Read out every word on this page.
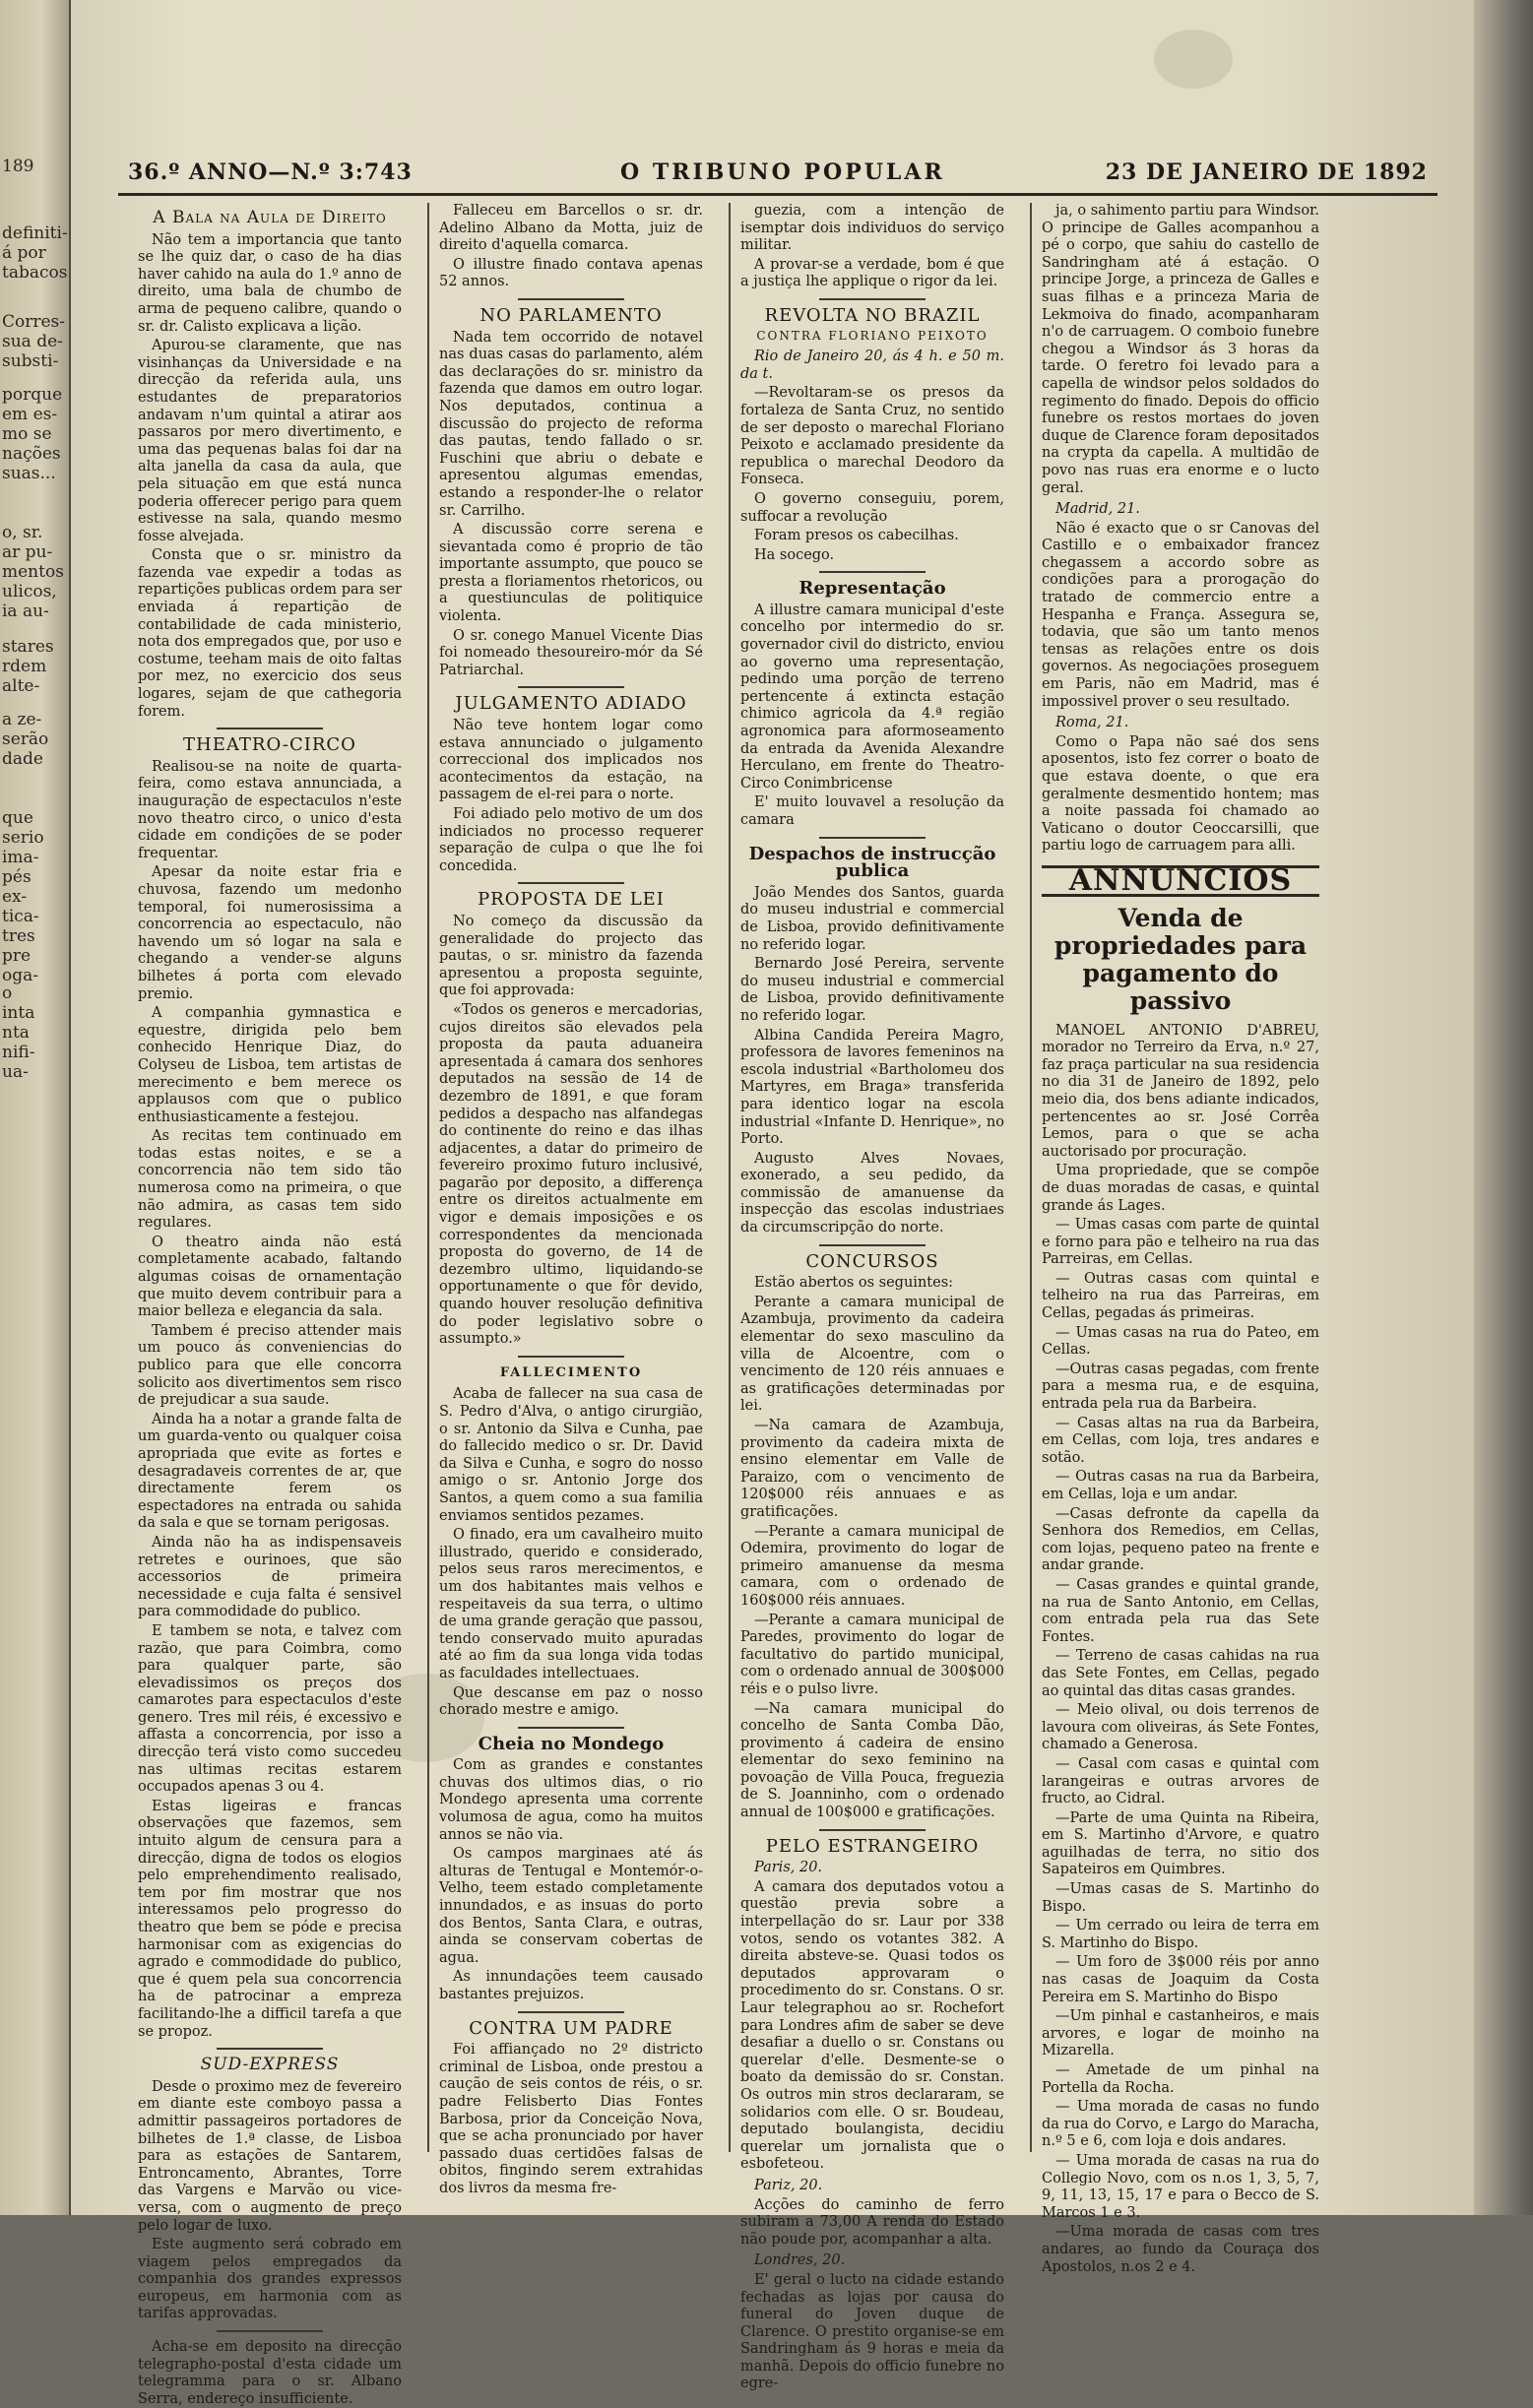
189
definiti-
á por
tabacos
Corres-
sua de-
substi-
porque
em es-
mo se
nações
suas...
o, sr.
ar pu-
mentos
ulicos,
ia au-
stares
rdem
alte-
a ze-
serão
dade
que
serio
ima-
pés
ex-
tica-
tres
pre
oga-
o
inta
nta
nifi-
ua-
36.º ANNO—N.º 3:743	O TRIBUNO POPULAR	23 DE JANEIRO DE 1892
A Bala na Aula de Direito

Não tem a importancia que tanto se lhe quiz dar, o caso de ha dias haver cahido na aula do 1.º anno de direito, uma bala de chumbo de arma de pequeno calibre, quando o sr. dr. Calisto explicava a lição.

Apurou-se claramente, que nas visinhanças da Universidade e na direcção da referida aula, uns estudantes de preparatorios andavam n'um quintal a atirar aos passaros por mero divertimento, e uma das pequenas balas foi dar na alta janella da casa da aula, que pela situação em que está nunca poderia offerecer perigo para quem estivesse na sala, quando mesmo fosse alvejada.

Consta que o sr. ministro da fazenda vae expedir a todas as repartições publicas ordem para ser enviada á repartição de contabilidade de cada ministerio, nota dos empregados que, por uso e costume, teeham mais de oito faltas por mez, no exercicio dos seus logares, sejam de que cathegoria forem.

THEATRO-CIRCO

Realisou-se na noite de quarta-feira, como estava annunciada, a inauguração de espectaculos n'este novo theatro circo, o unico d'esta cidade em condições de se poder frequentar.

Apesar da noite estar fria e chuvosa, fazendo um medonho temporal, foi numerosissima a concorrencia ao espectaculo, não havendo um só logar na sala e chegando a vender-se alguns bilhetes á porta com elevado premio.

A companhia gymnastica e equestre, dirigida pelo bem conhecido Henrique Diaz, do Colyseu de Lisboa, tem artistas de merecimento e bem merece os applausos com que o publico enthusiasticamente a festejou.

As recitas tem continuado em todas estas noites, e se a concorrencia não tem sido tão numerosa como na primeira, o que não admira, as casas tem sido regulares.

O theatro ainda não está completamente acabado, faltando algumas coisas de ornamentação que muito devem contribuir para a maior belleza e elegancia da sala.

Tambem é preciso attender mais um pouco ás conveniencias do publico para que elle concorra solicito aos divertimentos sem risco de prejudicar a sua saude.

Ainda ha a notar a grande falta de um guarda-vento ou qualquer coisa apropriada que evite as fortes e desagradaveis correntes de ar, que directamente ferem os espectadores na entrada ou sahida da sala e que se tornam perigosas.

Ainda não ha as indispensaveis retretes e ourinoes, que são accessorios de primeira necessidade e cuja falta é sensivel para commodidade do publico.

E tambem se nota, e talvez com razão, que para Coimbra, como para qualquer parte, são elevadissimos os preços dos camarotes para espectaculos d'este genero. Tres mil réis, é excessivo e affasta a concorrencia, por isso a direcção terá visto como succedeu nas ultimas recitas estarem occupados apenas 3 ou 4.

Estas ligeiras e francas observações que fazemos, sem intuito algum de censura para a direcção, digna de todos os elogios pelo emprehendimento realisado, tem por fim mostrar que nos interessamos pelo progresso do theatro que bem se póde e precisa harmonisar com as exigencias do agrado e commodidade do publico, que é quem pela sua concorrencia ha de patrocinar a empreza facilitando-lhe a difficil tarefa a que se propoz.

SUD-EXPRESS

Desde o proximo mez de fevereiro em diante este comboyo passa a admittir passageiros portadores de bilhetes de 1.ª classe, de Lisboa para as estações de Santarem, Entroncamento, Abrantes, Torre das Vargens e Marvão ou vice-versa, com o augmento de preço pelo logar de luxo.

Este augmento será cobrado em viagem pelos empregados da companhia dos grandes expressos europeus, em harmonia com as tarifas approvadas.

Acha-se em deposito na direcção telegrapho-postal d'esta cidade um telegramma para o sr. Albano Serra, endereço insufficiente.

Falleceu em Barcellos o sr. dr. Adelino Albano da Motta, juiz de direito d'aquella comarca.

O illustre finado contava apenas 52 annos.

NO PARLAMENTO

Nada tem occorrido de notavel nas duas casas do parlamento, além das declarações do sr. ministro da fazenda que damos em outro logar. Nos deputados, continua a discussão do projecto de reforma das pautas, tendo fallado o sr. Fuschini que abriu o debate e apresentou algumas emendas, estando a responder-lhe o relator sr. Carrilho.

A discussão corre serena e sievantada como é proprio de tão importante assumpto, que pouco se presta a floriamentos rhetoricos, ou a questiunculas de politiquice violenta.

O sr. conego Manuel Vicente Dias foi nomeado thesoureiro-mór da Sé Patriarchal.

JULGAMENTO ADIADO

Não teve hontem logar como estava annunciado o julgamento correccional dos implicados nos acontecimentos da estação, na passagem de el-rei para o norte.

Foi adiado pelo motivo de um dos indiciados no processo requerer separação de culpa o que lhe foi concedida.

PROPOSTA DE LEI

No começo da discussão da generalidade do projecto das pautas, o sr. ministro da fazenda apresentou a proposta seguinte, que foi approvada:

«Todos os generos e mercadorias, cujos direitos são elevados pela proposta da pauta aduaneira apresentada á camara dos senhores deputados na sessão de 14 de dezembro de 1891, e que foram pedidos a despacho nas alfandegas do continente do reino e das ilhas adjacentes, a datar do primeiro de fevereiro proximo futuro inclusivé, pagarão por deposito, a differença entre os direitos actualmente em vigor e demais imposições e os correspondentes da mencionada proposta do governo, de 14 de dezembro ultimo, liquidando-se opportunamente o que fôr devido, quando houver resolução definitiva do poder legislativo sobre o assumpto.»

FALLECIMENTO

Acaba de fallecer na sua casa de S. Pedro d'Alva, o antigo cirurgião, o sr. Antonio da Silva e Cunha, pae do fallecido medico o sr. Dr. David da Silva e Cunha, e sogro do nosso amigo o sr. Antonio Jorge dos Santos, a quem como a sua familia enviamos sentidos pezames.

O finado, era um cavalheiro muito illustrado, querido e considerado, pelos seus raros merecimentos, e um dos habitantes mais velhos e respeitaveis da sua terra, o ultimo de uma grande geração que passou, tendo conservado muito apuradas até ao fim da sua longa vida todas as faculdades intellectuaes.

Que descanse em paz o nosso chorado mestre e amigo.

Cheia no Mondego

Com as grandes e constantes chuvas dos ultimos dias, o rio Mondego apresenta uma corrente volumosa de agua, como ha muitos annos se não via.

Os campos marginaes até ás alturas de Tentugal e Montemór-o-Velho, teem estado completamente innundados, e as insuas do porto dos Bentos, Santa Clara, e outras, ainda se conservam cobertas de agua.

As innundações teem causado bastantes prejuizos.

CONTRA UM PADRE

Foi affiançado no 2º districto criminal de Lisboa, onde prestou a caução de seis contos de réis, o sr. padre Felisberto Dias Fontes Barbosa, prior da Conceição Nova, que se acha pronunciado por haver passado duas certidões falsas de obitos, fingindo serem extrahidas dos livros da mesma fre-

guezia, com a intenção de isemptar dois individuos do serviço militar.

A provar-se a verdade, bom é que a justiça lhe applique o rigor da lei.

REVOLTA NO BRAZIL
CONTRA FLORIANO PEIXOTO
Rio de Janeiro 20, ás 4 h. e 50 m. da t.

—Revoltaram-se os presos da fortaleza de Santa Cruz, no sentido de ser deposto o marechal Floriano Peixoto e acclamado presidente da republica o marechal Deodoro da Fonseca.

O governo conseguiu, porem, suffocar a revolução

Foram presos os cabecilhas.

Ha socego.

Representação

A illustre camara municipal d'este concelho por intermedio do sr. governador civil do districto, enviou ao governo uma representação, pedindo uma porção de terreno pertencente á extincta estação chimico agricola da 4.ª região agronomica para aformoseamento da entrada da Avenida Alexandre Herculano, em frente do Theatro-Circo Conimbricense

E' muito louvavel a resolução da camara

Despachos de instrucção publica

João Mendes dos Santos, guarda do museu industrial e commercial de Lisboa, provido definitivamente no referido logar.

Bernardo José Pereira, servente do museu industrial e commercial de Lisboa, provido definitivamente no referido logar.

Albina Candida Pereira Magro, professora de lavores femeninos na escola industrial «Bartholomeu dos Martyres, em Braga» transferida para identico logar na escola industrial «Infante D. Henrique», no Porto.

Augusto Alves Novaes, exonerado, a seu pedido, da commissão de amanuense da inspecção das escolas industriaes da circumscripção do norte.

CONCURSOS

Estão abertos os seguintes:

Perante a camara municipal de Azambuja, provimento da cadeira elementar do sexo masculino da villa de Alcoentre, com o vencimento de 120 réis annuaes e as gratificações determinadas por lei.

—Na camara de Azambuja, provimento da cadeira mixta de ensino elementar em Valle de Paraizo, com o vencimento de 120$000 réis annuaes e as gratificações.

—Perante a camara municipal de Odemira, provimento do logar de primeiro amanuense da mesma camara, com o ordenado de 160$000 réis annuaes.

—Perante a camara municipal de Paredes, provimento do logar de facultativo do partido municipal, com o ordenado annual de 300$000 réis e o pulso livre.

—Na camara municipal do concelho de Santa Comba Dão, provimento á cadeira de ensino elementar do sexo feminino na povoação de Villa Pouca, freguezia de S. Joanninho, com o ordenado annual de 100$000 e gratificações.

PELO ESTRANGEIRO
Paris, 20.

A camara dos deputados votou a questão previa sobre a interpellação do sr. Laur por 338 votos, sendo os votantes 382. A direita absteve-se. Quasi todos os deputados approvaram o procedimento do sr. Constans. O sr. Laur telegraphou ao sr. Rochefort para Londres afim de saber se deve desafiar a duello o sr. Constans ou querelar d'elle. Desmente-se o boato da demissão do sr. Constan. Os outros min stros declararam, se solidarios com elle. O sr. Boudeau, deputado boulangista, decidiu querelar um jornalista que o esbofeteou.

Pariz, 20.

Acções do caminho de ferro subiram a 73,00 A renda do Estado não poude por, acompanhar a alta.

Londres, 20.

E' geral o lucto na cidade estando fechadas as lojas por causa do funeral do Joven duque de Clarence. O prestito organise-se em Sandringham ás 9 horas e meia da manhã. Depois do officio funebre no egre-

ja, o sahimento partiu para Windsor. O principe de Galles acompanhou a pé o corpo, que sahiu do castello de Sandringham até á estação. O principe Jorge, a princeza de Galles e suas filhas e a princeza Maria de Lekmoiva do finado, acompanharam n'o de carruagem. O comboio funebre chegou a Windsor ás 3 horas da tarde. O feretro foi levado para a capella de windsor pelos soldados do regimento do finado. Depois do officio funebre os restos mortaes do joven duque de Clarence foram depositados na crypta da capella. A multidão de povo nas ruas era enorme e o lucto geral.

Madrid, 21.

Não é exacto que o sr Canovas del Castillo e o embaixador francez chegassem a accordo sobre as condições para a prorogação do tratado de commercio entre a Hespanha e França. Assegura se, todavia, que são um tanto menos tensas as relações entre os dois governos. As negociações proseguem em Paris, não em Madrid, mas é impossivel prover o seu resultado.

Roma, 21.

Como o Papa não saé dos sens aposentos, isto fez correr o boato de que estava doente, o que era geralmente desmentido hontem; mas a noite passada foi chamado ao Vaticano o doutor Ceoccarsilli, que partiu logo de carruagem para alli.

ANNUNCIOS
Venda de propriedades para pagamento do passivo

MANOEL ANTONIO D'ABREU, morador no Terreiro da Erva, n.º 27, faz praça particular na sua residencia no dia 31 de Janeiro de 1892, pelo meio dia, dos bens adiante indicados, pertencentes ao sr. José Corrêa Lemos, para o que se acha auctorisado por procuração.

Uma propriedade, que se compõe de duas moradas de casas, e quintal grande ás Lages.

— Umas casas com parte de quintal e forno para pão e telheiro na rua das Parreiras, em Cellas.

— Outras casas com quintal e telheiro na rua das Parreiras, em Cellas, pegadas ás primeiras.

— Umas casas na rua do Pateo, em Cellas.

—Outras casas pegadas, com frente para a mesma rua, e de esquina, entrada pela rua da Barbeira.

— Casas altas na rua da Barbeira, em Cellas, com loja, tres andares e sotão.

— Outras casas na rua da Barbeira, em Cellas, loja e um andar.

—Casas defronte da capella da Senhora dos Remedios, em Cellas, com lojas, pequeno pateo na frente e andar grande.

— Casas grandes e quintal grande, na rua de Santo Antonio, em Cellas, com entrada pela rua das Sete Fontes.

— Terreno de casas cahidas na rua das Sete Fontes, em Cellas, pegado ao quintal das ditas casas grandes.

— Meio olival, ou dois terrenos de lavoura com oliveiras, ás Sete Fontes, chamado a Generosa.

— Casal com casas e quintal com larangeiras e outras arvores de fructo, ao Cidral.

—Parte de uma Quinta na Ribeira, em S. Martinho d'Arvore, e quatro aguilhadas de terra, no sitio dos Sapateiros em Quimbres.

—Umas casas de S. Martinho do Bispo.

— Um cerrado ou leira de terra em S. Martinho do Bispo.

— Um foro de 3$000 réis por anno nas casas de Joaquim da Costa Pereira em S. Martinho do Bispo

—Um pinhal e castanheiros, e mais arvores, e logar de moinho na Mizarella.

— Ametade de um pinhal na Portella da Rocha.

— Uma morada de casas no fundo da rua do Corvo, e Largo do Maracha, n.º 5 e 6, com loja e dois andares.

— Uma morada de casas na rua do Collegio Novo, com os n.os 1, 3, 5, 7, 9, 11, 13, 15, 17 e para o Becco de S. Marcos 1 e 3.

—Uma morada de casas com tres andares, ao fundo da Couraça dos Apostolos, n.os 2 e 4.
